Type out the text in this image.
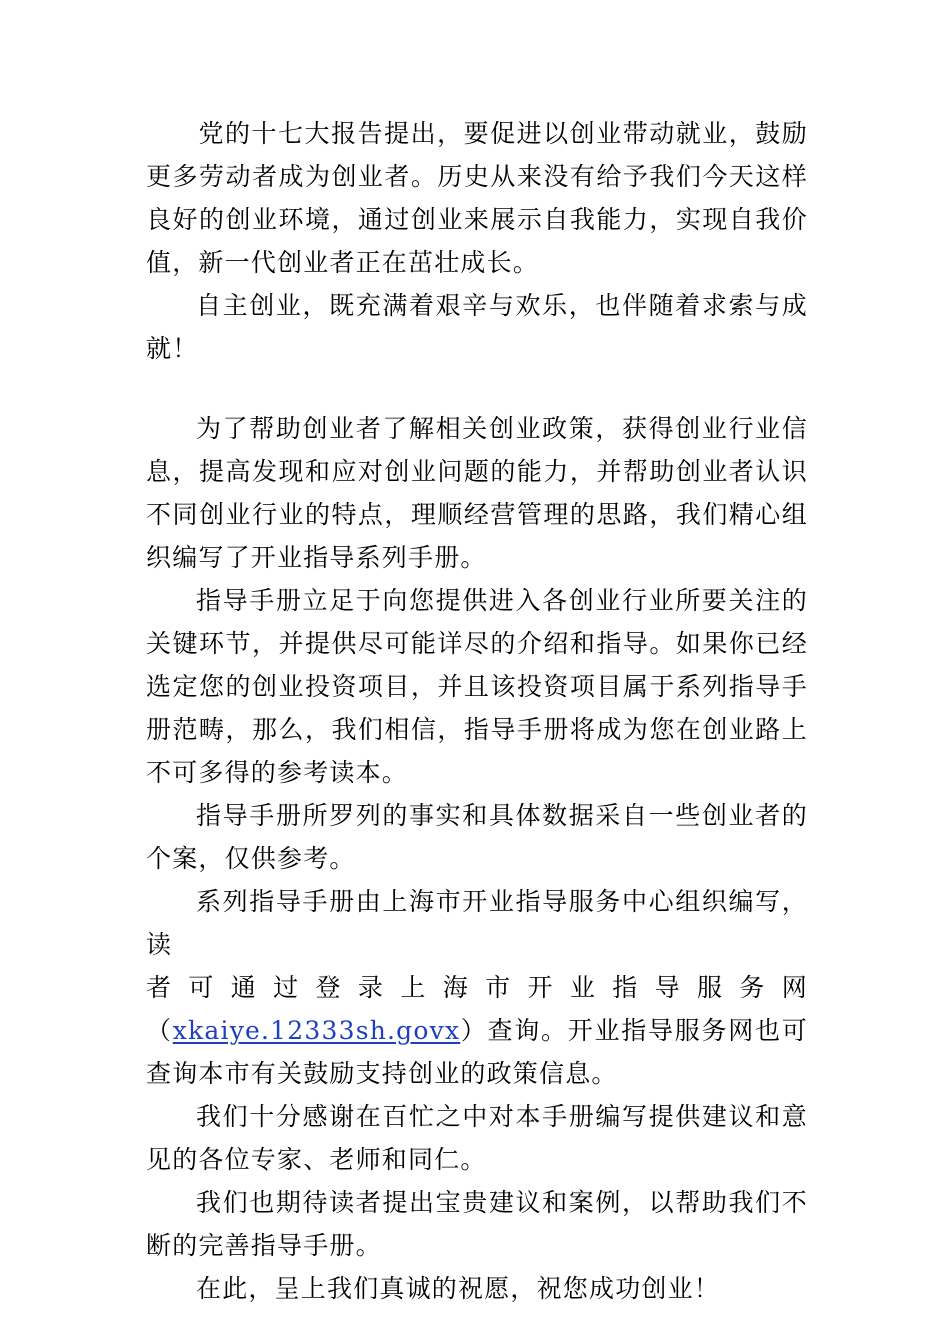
党的十七大报告提出，要促进以创业带动就业，鼓励更多劳动者成为创业者。历史从来没有给予我们今天这样良好的创业环境，通过创业来展示自我能力，实现自我价值，新一代创业者正在茁壮成长。

自主创业，既充满着艰辛与欢乐，也伴随着求索与成就！

为了帮助创业者了解相关创业政策，获得创业行业信息，提高发现和应对创业问题的能力，并帮助创业者认识不同创业行业的特点，理顺经营管理的思路，我们精心组织编写了开业指导系列手册。

指导手册立足于向您提供进入各创业行业所要关注的关键环节，并提供尽可能详尽的介绍和指导。如果你已经选定您的创业投资项目，并且该投资项目属于系列指导手册范畴，那么，我们相信，指导手册将成为您在创业路上不可多得的参考读本。

指导手册所罗列的事实和具体数据采自一些创业者的个案，仅供参考。

系列指导手册由上海市开业指导服务中心组织编写，读

者可通过登录上海市开业指导服务网

（xkaiye.12333sh.govx）查询。开业指导服务网也可查询本市有关鼓励支持创业的政策信息。

我们十分感谢在百忙之中对本手册编写提供建议和意见的各位专家、老师和同仁。

我们也期待读者提出宝贵建议和案例，以帮助我们不断的完善指导手册。

在此，呈上我们真诚的祝愿，祝您成功创业！
